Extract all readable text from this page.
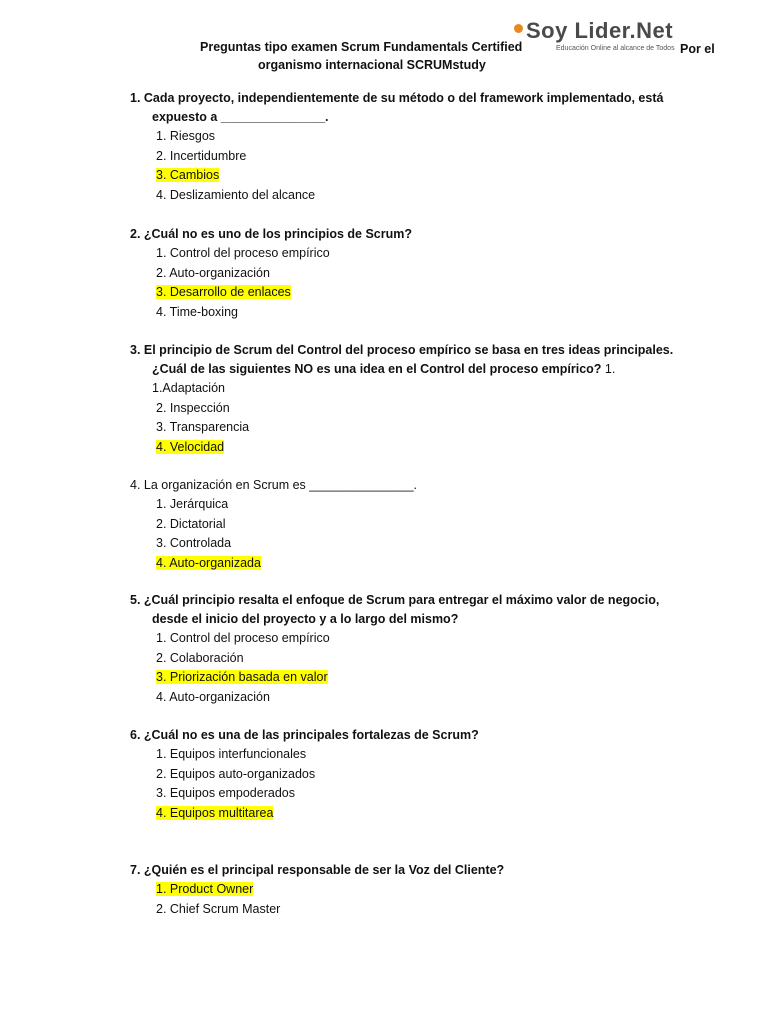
Soy Lider.Net
Educación Online al alcance de Todos
Preguntas tipo examen Scrum Fundamentals Certified
organismo internacional SCRUMstudy
Por el
1. Cada proyecto, independientemente de su método o del framework implementado, está
expuesto a _______________.
1. Riesgos
2. Incertidumbre
3. Cambios
4. Deslizamiento del alcance
2. ¿Cuál no es uno de los principios de Scrum?
1. Control del proceso empírico
2. Auto-organización
3. Desarrollo de enlaces
4. Time-boxing
3. El principio de Scrum del Control del proceso empírico se basa en tres ideas principales.
¿Cuál de las siguientes NO es una idea en el Control del proceso empírico? 1.
1.Adaptación
2. Inspección
3. Transparencia
4. Velocidad
4. La organización en Scrum es _______________.
1. Jerárquica
2. Dictatorial
3. Controlada
4. Auto-organizada
5. ¿Cuál principio resalta el enfoque de Scrum para entregar el máximo valor de negocio,
desde el inicio del proyecto y a lo largo del mismo?
1. Control del proceso empírico
2. Colaboración
3. Priorización basada en valor
4. Auto-organización
6. ¿Cuál no es una de las principales fortalezas de Scrum?
1. Equipos interfuncionales
2. Equipos auto-organizados
3. Equipos empoderados
4. Equipos multitarea
7. ¿Quién es el principal responsable de ser la Voz del Cliente?
1. Product Owner
2. Chief Scrum Master
